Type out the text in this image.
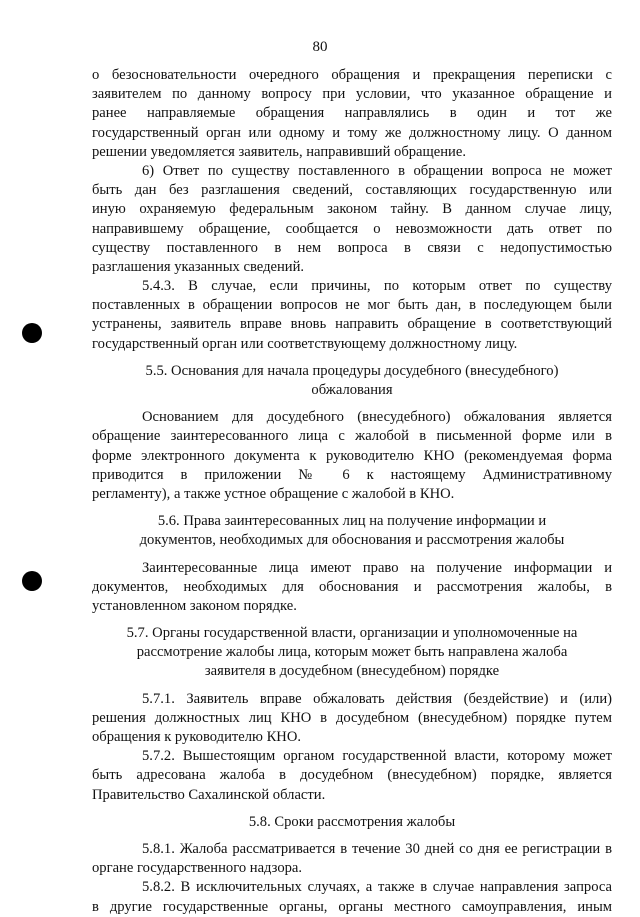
80
о безосновательности очередного обращения и прекращения переписки с
заявителем по данному вопросу при условии, что указанное обращение и
ранее направляемые обращения направлялись в один и тот же
государственный орган или одному и тому же должностному лицу. О данном
решении уведомляется заявитель, направивший обращение.
6) Ответ по существу поставленного в обращении вопроса не может
быть дан без разглашения сведений, составляющих государственную или
иную охраняемую федеральным законом тайну. В данном случае лицу,
направившему обращение, сообщается о невозможности дать ответ по
существу поставленного в нем вопроса в связи с недопустимостью
разглашения указанных сведений.
5.4.3. В случае, если причины, по которым ответ по существу
поставленных в обращении вопросов не мог быть дан, в последующем были
устранены, заявитель вправе вновь направить обращение в соответствующий
государственный орган или соответствующему должностному лицу.
5.5. Основания для начала процедуры досудебного (внесудебного)
обжалования
Основанием для досудебного (внесудебного) обжалования является
обращение заинтересованного лица с жалобой в письменной форме или в
форме электронного документа к руководителю КНО (рекомендуемая форма
приводится в приложении № 6 к настоящему Административному
регламенту), а также устное обращение с жалобой в КНО.
5.6. Права заинтересованных лиц на получение информации и
документов, необходимых для обоснования и рассмотрения жалобы
Заинтересованные лица имеют право на получение информации и
документов, необходимых для обоснования и рассмотрения жалобы, в
установленном законом порядке.
5.7. Органы государственной власти, организации и уполномоченные на
рассмотрение жалобы лица, которым может быть направлена жалоба
заявителя в досудебном (внесудебном) порядке
5.7.1. Заявитель вправе обжаловать действия (бездействие) и (или)
решения должностных лиц КНО в досудебном (внесудебном) порядке путем
обращения к руководителю КНО.
5.7.2. Вышестоящим органом государственной власти, которому может
быть адресована жалоба в досудебном (внесудебном) порядке, является
Правительство Сахалинской области.
5.8. Сроки рассмотрения жалобы
5.8.1. Жалоба рассматривается в течение 30 дней со дня ее регистрации в
органе государственного надзора.
5.8.2. В исключительных случаях, а также в случае направления запроса
в другие государственные органы, органы местного самоуправления, иным
